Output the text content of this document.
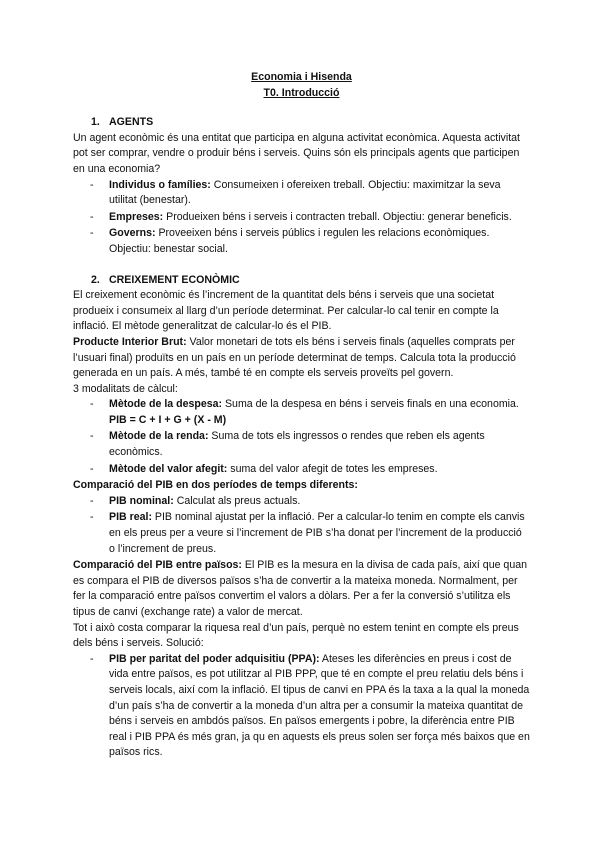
Economia i Hisenda

T0. Introducció

1. AGENTS

Un agent econòmic és una entitat que participa en alguna activitat econòmica. Aquesta activitat pot ser comprar, vendre o produir béns i serveis. Quins són els principals agents que participen en una economia?

- Individus o famílies: Consumeixen i ofereixen treball. Objectiu: maximitzar la seva utilitat (benestar).
- Empreses: Produeixen béns i serveis i contracten treball. Objectiu: generar beneficis.
- Governs: Proveeixen béns i serveis públics i regulen les relacions econòmiques. Objectiu: benestar social.

2. CREIXEMENT ECONÒMIC

El creixement econòmic és l’increment de la quantitat dels béns i serveis que una societat produeix i consumeix al llarg d’un període determinat. Per calcular-lo cal tenir en compte la inflació. El mètode generalitzat de calcular-lo és el PIB.

Producte Interior Brut: Valor monetari de tots els béns i serveis finals (aquelles comprats per l’usuari final) produïts en un país en un període determinat de temps. Calcula tota la producció generada en un país. A més, també té en compte els serveis proveïts pel govern.

3 modalitats de càlcul:

- Mètode de la despesa: Suma de la despesa en béns i serveis finals en una economia. PIB = C + I + G + (X - M)
- Mètode de la renda: Suma de tots els ingressos o rendes que reben els agents econòmics.
- Mètode del valor afegit: suma del valor afegit de totes les empreses.

Comparació del PIB en dos períodes de temps diferents:

- PIB nominal: Calculat als preus actuals.
- PIB real: PIB nominal ajustat per la inflació. Per a calcular-lo tenim en compte els canvis en els preus per a veure si l’increment de PIB s’ha donat per l’increment de la producció o l’increment de preus.

Comparació del PIB entre països: El PIB es la mesura en la divisa de cada país, així que quan es compara el PIB de diversos països s’ha de convertir a la mateixa moneda. Normalment, per fer la comparació entre països convertim el valors a dòlars. Per a fer la conversió s’utilitza els tipus de canvi (exchange rate) a valor de mercat.

Tot i això costa comparar la riquesa real d’un país, perquè no estem tenint en compte els preus dels béns i serveis. Solució:

- PIB per paritat del poder adquisitiu (PPA): Ateses les diferències en preus i cost de vida entre països, es pot utilitzar al PIB PPP, que té en compte el preu relatiu dels béns i serveis locals, així com la inflació. El tipus de canvi en PPA és la taxa a la qual la moneda d’un país s’ha de convertir a la moneda d’un altra per a consumir la mateixa quantitat de béns i serveis en ambdós països. En països emergents i pobre, la diferència entre PIB real i PIB PPA és més gran, ja qu en aquests els preus solen ser força més baixos que en països rics.
